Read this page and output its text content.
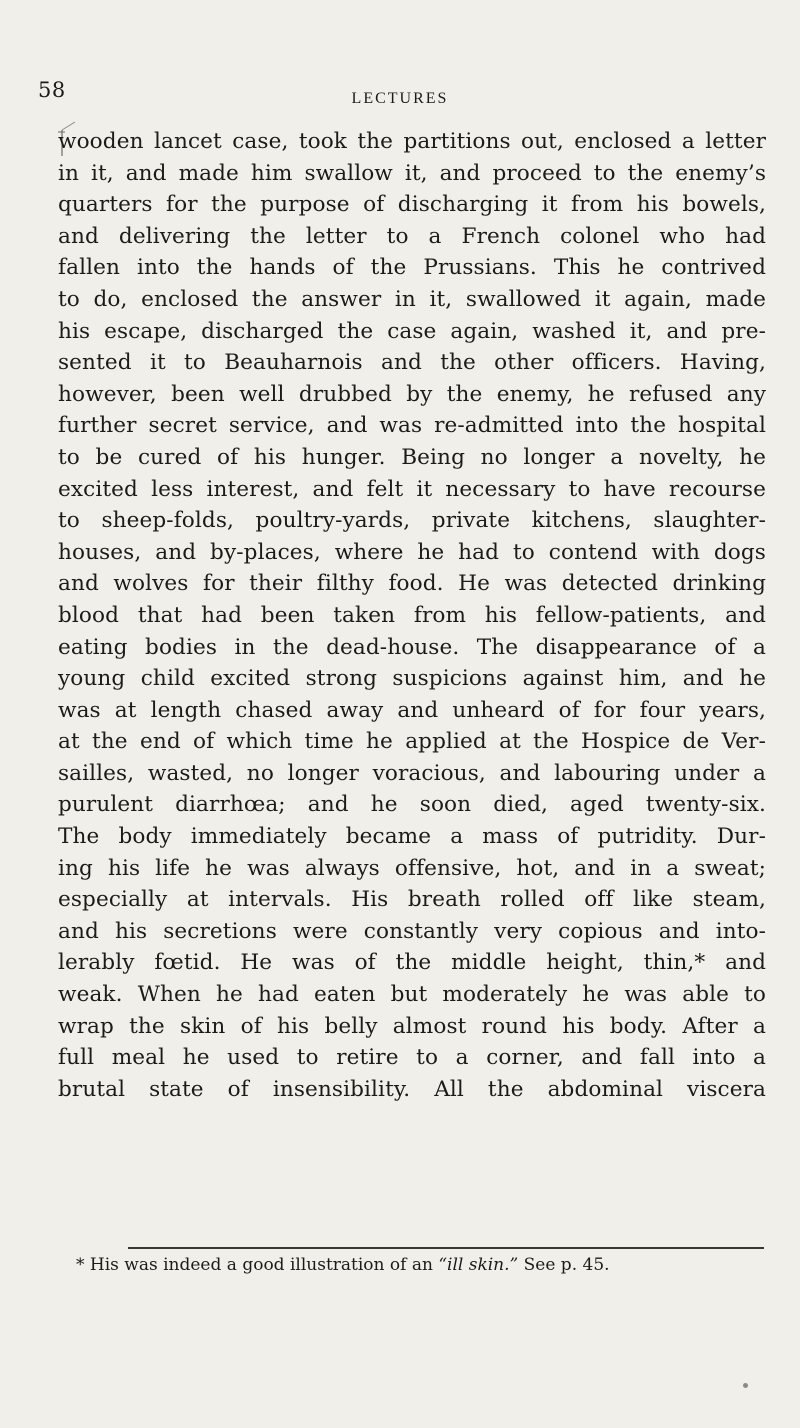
58	LECTURES
wooden lancet case, took the partitions out, enclosed a letter
in it, and made him swallow it, and proceed to the enemy’s
quarters for the purpose of discharging it from his bowels,
and delivering the letter to a French colonel who had
fallen into the hands of the Prussians. This he contrived
to do, enclosed the answer in it, swallowed it again, made
his escape, discharged the case again, washed it, and pre-
sented it to Beauharnois and the other officers. Having,
however, been well drubbed by the enemy, he refused any
further secret service, and was re-admitted into the hospital
to be cured of his hunger. Being no longer a novelty, he
excited less interest, and felt it necessary to have recourse
to sheep-folds, poultry-yards, private kitchens, slaughter-
houses, and by-places, where he had to contend with dogs
and wolves for their filthy food. He was detected drinking
blood that had been taken from his fellow-patients, and
eating bodies in the dead-house. The disappearance of a
young child excited strong suspicions against him, and he
was at length chased away and unheard of for four years,
at the end of which time he applied at the Hospice de Ver-
sailles, wasted, no longer voracious, and labouring under a
purulent diarrhœa; and he soon died, aged twenty-six.
The body immediately became a mass of putridity. Dur-
ing his life he was always offensive, hot, and in a sweat;
especially at intervals. His breath rolled off like steam,
and his secretions were constantly very copious and into-
lerably fœtid. He was of the middle height, thin,* and
weak. When he had eaten but moderately he was able to
wrap the skin of his belly almost round his body. After a
full meal he used to retire to a corner, and fall into a
brutal state of insensibility. All the abdominal viscera
* His was indeed a good illustration of an “ill skin.” See p. 45.
